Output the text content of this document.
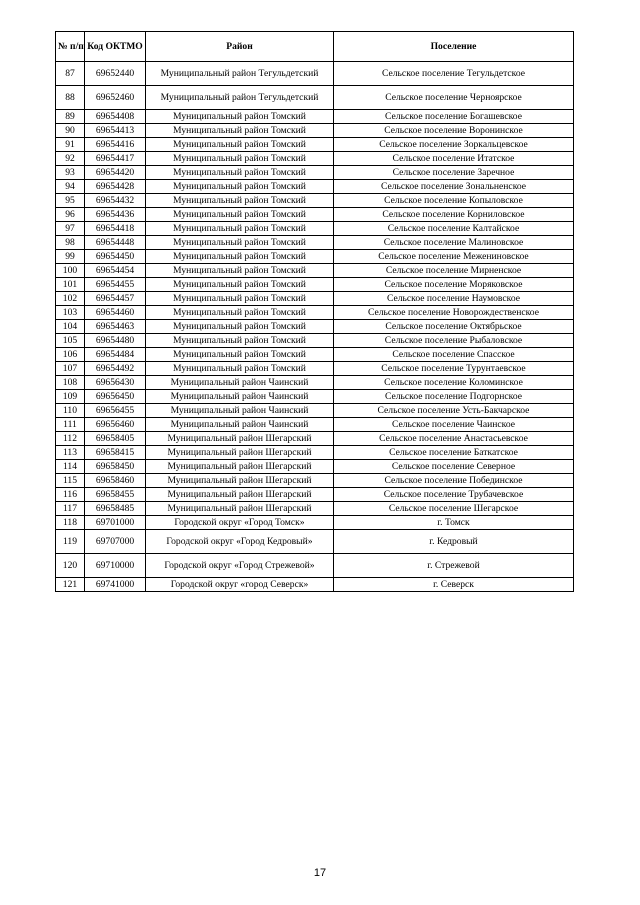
№ п/п	Код ОКТМО	Район	Поселение
87	69652440	Муниципальный район Тегульдетский	Сельское поселение Тегульдетское
88	69652460	Муниципальный район Тегульдетский	Сельское поселение Черноярское
89	69654408	Муниципальный район Томский	Сельское поселение Богашевское
90	69654413	Муниципальный район Томский	Сельское поселение Воронинское
91	69654416	Муниципальный район Томский	Сельское поселение Зоркальцевское
92	69654417	Муниципальный район Томский	Сельское поселение Итатское
93	69654420	Муниципальный район Томский	Сельское поселение Заречное
94	69654428	Муниципальный район Томский	Сельское поселение Зональненское
95	69654432	Муниципальный район Томский	Сельское поселение Копыловское
96	69654436	Муниципальный район Томский	Сельское поселение Корниловское
97	69654418	Муниципальный район Томский	Сельское поселение Калтайское
98	69654448	Муниципальный район Томский	Сельское поселение Малиновское
99	69654450	Муниципальный район Томский	Сельское поселение Межениновское
100	69654454	Муниципальный район Томский	Сельское поселение Мирненское
101	69654455	Муниципальный район Томский	Сельское поселение Моряковское
102	69654457	Муниципальный район Томский	Сельское поселение Наумовское
103	69654460	Муниципальный район Томский	Сельское поселение Новорождественское
104	69654463	Муниципальный район Томский	Сельское поселение Октябрьское
105	69654480	Муниципальный район Томский	Сельское поселение Рыбаловское
106	69654484	Муниципальный район Томский	Сельское поселение Спасское
107	69654492	Муниципальный район Томский	Сельское поселение Турунтаевское
108	69656430	Муниципальный район Чаинский	Сельское поселение Коломинское
109	69656450	Муниципальный район Чаинский	Сельское поселение Подгорнское
110	69656455	Муниципальный район Чаинский	Сельское поселение Усть-Бакчарское
111	69656460	Муниципальный район Чаинский	Сельское поселение Чаинское
112	69658405	Муниципальный район Шегарский	Сельское поселение Анастасьевское
113	69658415	Муниципальный район Шегарский	Сельское поселение Баткатское
114	69658450	Муниципальный район Шегарский	Сельское поселение Северное
115	69658460	Муниципальный район Шегарский	Сельское поселение Побединское
116	69658455	Муниципальный район Шегарский	Сельское поселение Трубачевское
117	69658485	Муниципальный район Шегарский	Сельское поселение Шегарское
118	69701000	Городской округ «Город Томск»	г. Томск
119	69707000	Городской округ «Город Кедровый»	г. Кедровый
120	69710000	Городской округ «Город Стрежевой»	г. Стрежевой
121	69741000	Городской округ «город Северск»	г. Северск
17
